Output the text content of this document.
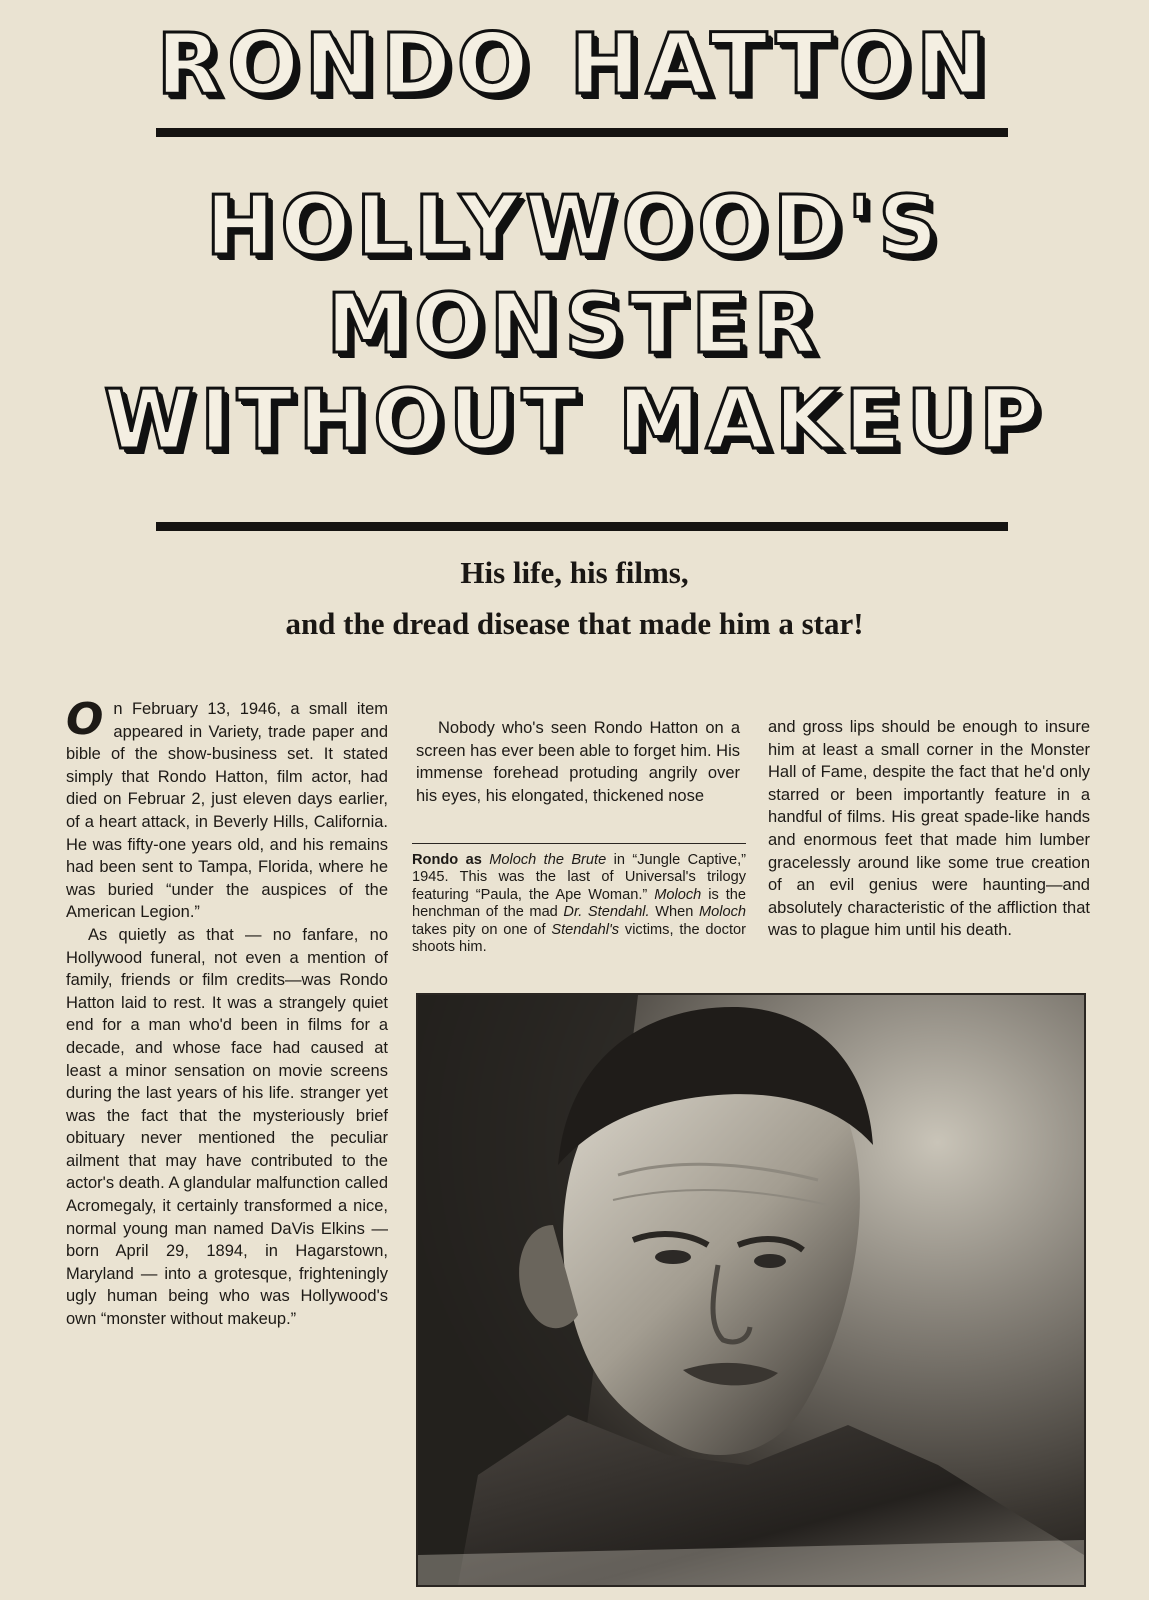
RONDO HATTON
HOLLYWOOD'S
MONSTER
WITHOUT MAKEUP
His life, his films,
and the dread disease that made him a star!

On February 13, 1946, a small item appeared in Variety, trade paper and bible of the show-business set. It stated simply that Rondo Hatton, film actor, had died on Februar 2, just eleven days earlier, of a heart attack, in Beverly Hills, California. He was fifty-one years old, and his remains had been sent to Tampa, Florida, where he was buried “under the auspices of the American Legion.”

As quietly as that — no fanfare, no Hollywood funeral, not even a mention of family, friends or film credits—was Rondo Hatton laid to rest. It was a strangely quiet end for a man who'd been in films for a decade, and whose face had caused at least a minor sensation on movie screens during the last years of his life. stranger yet was the fact that the mysteriously brief obituary never mentioned the peculiar ailment that may have contributed to the actor's death. A glandular malfunction called Acromegaly, it certainly transformed a nice, normal young man named DaVis Elkins —born April 29, 1894, in Hagarstown, Maryland — into a grotesque, frighteningly ugly human being who was Hollywood's own “monster without makeup.”

Nobody who's seen Rondo Hatton on a screen has ever been able to forget him. His immense forehead protuding angrily over his eyes, his elongated, thickened nose

Rondo as Moloch the Brute in “Jungle Captive,” 1945. This was the last of Universal's trilogy featuring “Paula, the Ape Woman.” Moloch is the henchman of the mad Dr. Stendahl. When Moloch takes pity on one of Stendahl's victims, the doctor shoots him.

and gross lips should be enough to insure him at least a small corner in the Monster Hall of Fame, despite the fact that he'd only starred or been importantly feature in a handful of films. His great spade-like hands and enormous feet that made him lumber gracelessly around like some true creation of an evil genius were haunting—and absolutely characteristic of the affliction that was to plague him until his death.
